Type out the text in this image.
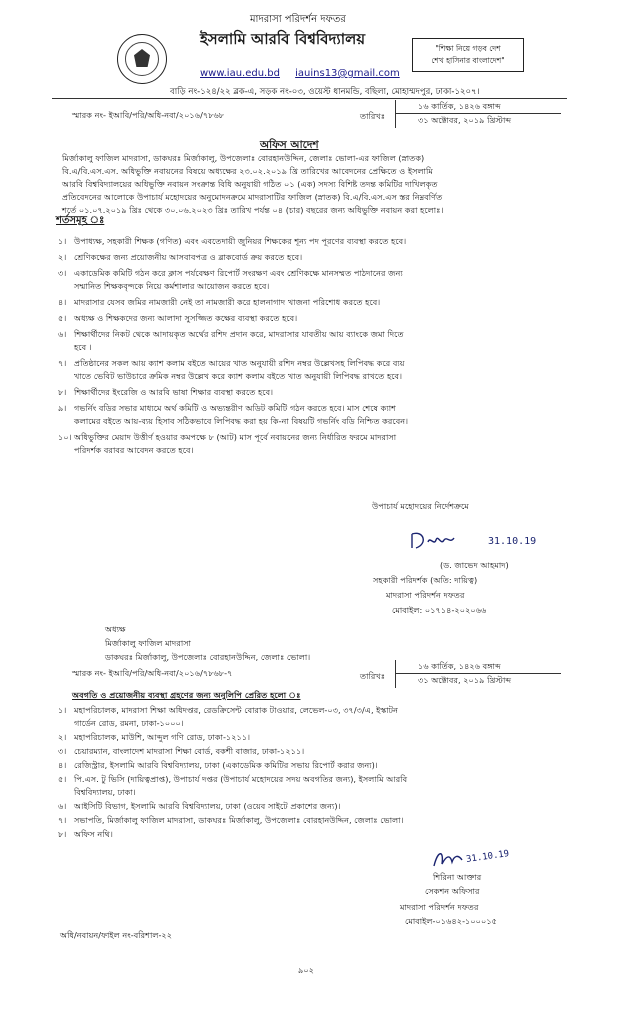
মাদরাসা পরিদর্শন দফতর
ইসলামি আরবি বিশ্ববিদ্যালয়
www.iau.edu.bd iauins13@gmail.com
বাড়ি নং-১২৪/২২ ব্লক-এ, সড়ক নং-০৩, ওয়েস্ট ধানমন্ডি, বছিলা, মোহাম্মদপুর, ঢাকা-১২০৭।
"শিক্ষা নিয়ে গড়ব দেশ
শেখ হাসিনার বাংলাদেশ"
স্মারক নং- ইআবি/পরি/অধি-নবা/২০১৬/৭৮৬৮	তারিখঃ
১৬ কার্তিক, ১৪২৬ বঙ্গাব্দ
৩১ অক্টোবর, ২০১৯ খ্রিস্টাব্দ
অফিস আদেশ
মির্জাকালু ফাজিল মাদরাসা, ডাকঘরঃ মির্জাকালু, উপজেলাঃ বোরহানউদ্দিন, জেলাঃ ভোলা-এর ফাজিল (স্নাতক)
বি.এ/বি.এস.এস. অধিভুক্তি নবায়নের বিষয়ে অধ্যক্ষের ২৩.০২.২০১৯ খ্রি তারিখের আবেদনের প্রেক্ষিতে ও ইসলামি
আরবি বিশ্ববিদ্যালয়ের অধিভুক্তি নবায়ন সংক্রান্ত বিধি অনুযায়ী গঠিত ০১ (এক) সদস্য বিশিষ্ট তদন্ত কমিটির দাখিলকৃত
প্রতিবেদনের আলোকে উপাচার্য মহোদয়ের অনুমোদনক্রমে মাদরাসাটির ফাজিল (স্নাতক) বি.এ/বি.এস.এস স্তর নিম্নবর্ণিত
শর্তে ০১.০৭.২০১৯ খ্রিঃ থেকে ৩০.০৬.২০২৩ খ্রিঃ তারিখ পর্যন্ত ০৪ (চার) বছরের জন্য অধিভুক্তি নবায়ন করা হলোঃ।
শর্তসমূহ ঃ
১। উপাধ্যক্ষ, সহকারী শিক্ষক (গণিত) এবং এবতেদায়ী জুনিয়র শিক্ষকের শূন্য পদ পূরণের ব্যবস্থা করতে হবে।
২। শ্রেণিকক্ষের জন্য প্রয়োজনীয় আসবাবপত্র ও ব্লাকবোর্ড ক্রয় করতে হবে।
৩। একাডেমিক কমিটি গঠন করে ক্লাস পর্যবেক্ষণ রিপোর্ট সংরক্ষণ এবং শ্রেণিকক্ষে মানসম্মত পাঠদানের জন্য
সম্মানিত শিক্ষকবৃন্দকে নিয়ে কর্মশালার আয়োজন করতে হবে।
৪। মাদরাসার যেসব জমির নামজারী নেই তা নামজারী করে হালনাগাদ খাজনা পরিশোধ করতে হবে।
৫। অধ্যক্ষ ও শিক্ষকদের জন্য আলাদা সুসজ্জিত কক্ষের ব্যবস্থা করতে হবে।
৬। শিক্ষার্থীদের নিকট থেকে আদায়কৃত অর্থের রশিদ প্রদান করে, মাদরাসার যাবতীয় আয় ব্যাংকে জমা দিতে
হবে ।
৭। প্রতিষ্ঠানের সকল আয় ক্যাশ কলাম বইতে আয়ের খাত অনুযায়ী রশিদ নম্বর উল্লেখসহ লিপিবদ্ধ করে ব্যয়
খাতে ভেবিট ভাউচারে ক্রমিক নম্বর উল্লেখ করে ক্যাশ কলাম বইতে খাত অনুযায়ী লিপিবদ্ধ রাখতে হবে।
৮। শিক্ষার্থীদের ইংরেজি ও আরবি ভাষা শিক্ষার ব্যবস্থা করতে হবে।
৯। গভর্নিং বডির সভার মাধ্যমে অর্থ কমিটি ও অভ্যন্তরীণ অডিট কমিটি গঠন করতে হবে। মাস শেষে ক্যাশ
কলামের বইতে আয়-ব্যয় হিসাব সঠিকভাবে লিপিবদ্ধ করা হয় কি-না বিষয়টি গভর্নিং বডি নিশ্চিত করবেন।
১০। অধিভুক্তির মেয়াদ উত্তীর্ণ হওয়ার কমপক্ষে ৮ (আট) মাস পূর্বে নবায়নের জন্য নির্ধারিত ফরমে মাদরাসা
পরিদর্শক বরাবর আবেদন করতে হবে।
উপাচার্য মহোদয়ের নির্দেশক্রমে
31.10.19
(ড. জাভেদ আহমাদ)
সহকারী পরিদর্শক (অতি: দায়িত্ব)
মাদরাসা পরিদর্শন দফতর
মোবাইল: ০১৭১৪-২০২০৬৬
অধ্যক্ষ
মির্জাকালু ফাজিল মাদরাসা
ডাকঘরঃ মির্জাকালু, উপজেলাঃ বোরহানউদ্দিন, জেলাঃ ভোলা।
স্মারক নং- ইআবি/পরি/অধি-নবা/২০১৬/৭৮৬৮-৭	তারিখঃ
১৬ কার্তিক, ১৪২৬ বঙ্গাব্দ
৩১ অক্টোবর, ২০১৯ খ্রিস্টাব্দ
অবগতি ও প্রয়োজনীয় ব্যবস্থা গ্রহণের জন্য অনুলিপি প্রেরিত হলো ঃ
১। মহাপরিচালক, মাদরাসা শিক্ষা অধিদপ্তর, রেডক্রিসেন্ট বোরাক টাওয়ার, লেভেল-০৩, ৩৭/৩/এ, ইস্কাটন
গার্ডেন রোড, রমনা, ঢাকা-১০০০।
২। মহাপরিচালক, মাউশি, আব্দুল গণি রোড, ঢাকা-১২১১।
৩। চেয়ারম্যান, বাংলাদেশ মাদরাসা শিক্ষা বোর্ড, বকশী বাজার, ঢাকা-১২১১।
৪। রেজিস্ট্রার, ইসলামি আরবি বিশ্ববিদ্যালয়, ঢাকা (একাডেমিক কমিটির সভায় রিপোর্ট করার জন্য)।
৫। পি.এস. টু ভিসি (দায়িত্বপ্রাপ্ত), উপাচার্য দপ্তর (উপাচার্য মহোদয়ের সদয় অবগতির জন্য), ইসলামি আরবি
বিশ্ববিদ্যালয়, ঢাকা।
৬। আইসিটি বিভাগ, ইসলামি আরবি বিশ্ববিদ্যালয়, ঢাকা (ওয়েব সাইটে প্রকাশের জন্য)।
৭। সভাপতি, মির্জাকালু ফাজিল মাদরাসা, ডাকঘরঃ মির্জাকালু, উপজেলাঃ বোরহানউদ্দিন, জেলাঃ ভোলা।
৮। অফিস নথি।
31.10.19
শিরিনা আক্তার
সেকশন অফিসার
মাদরাসা পরিদর্শন দফতর
মোবাইল-০১৬৪২-১০০০১৫
অধি/নবায়ন/ফাইল নং-বরিশাল-২২
৯০২
